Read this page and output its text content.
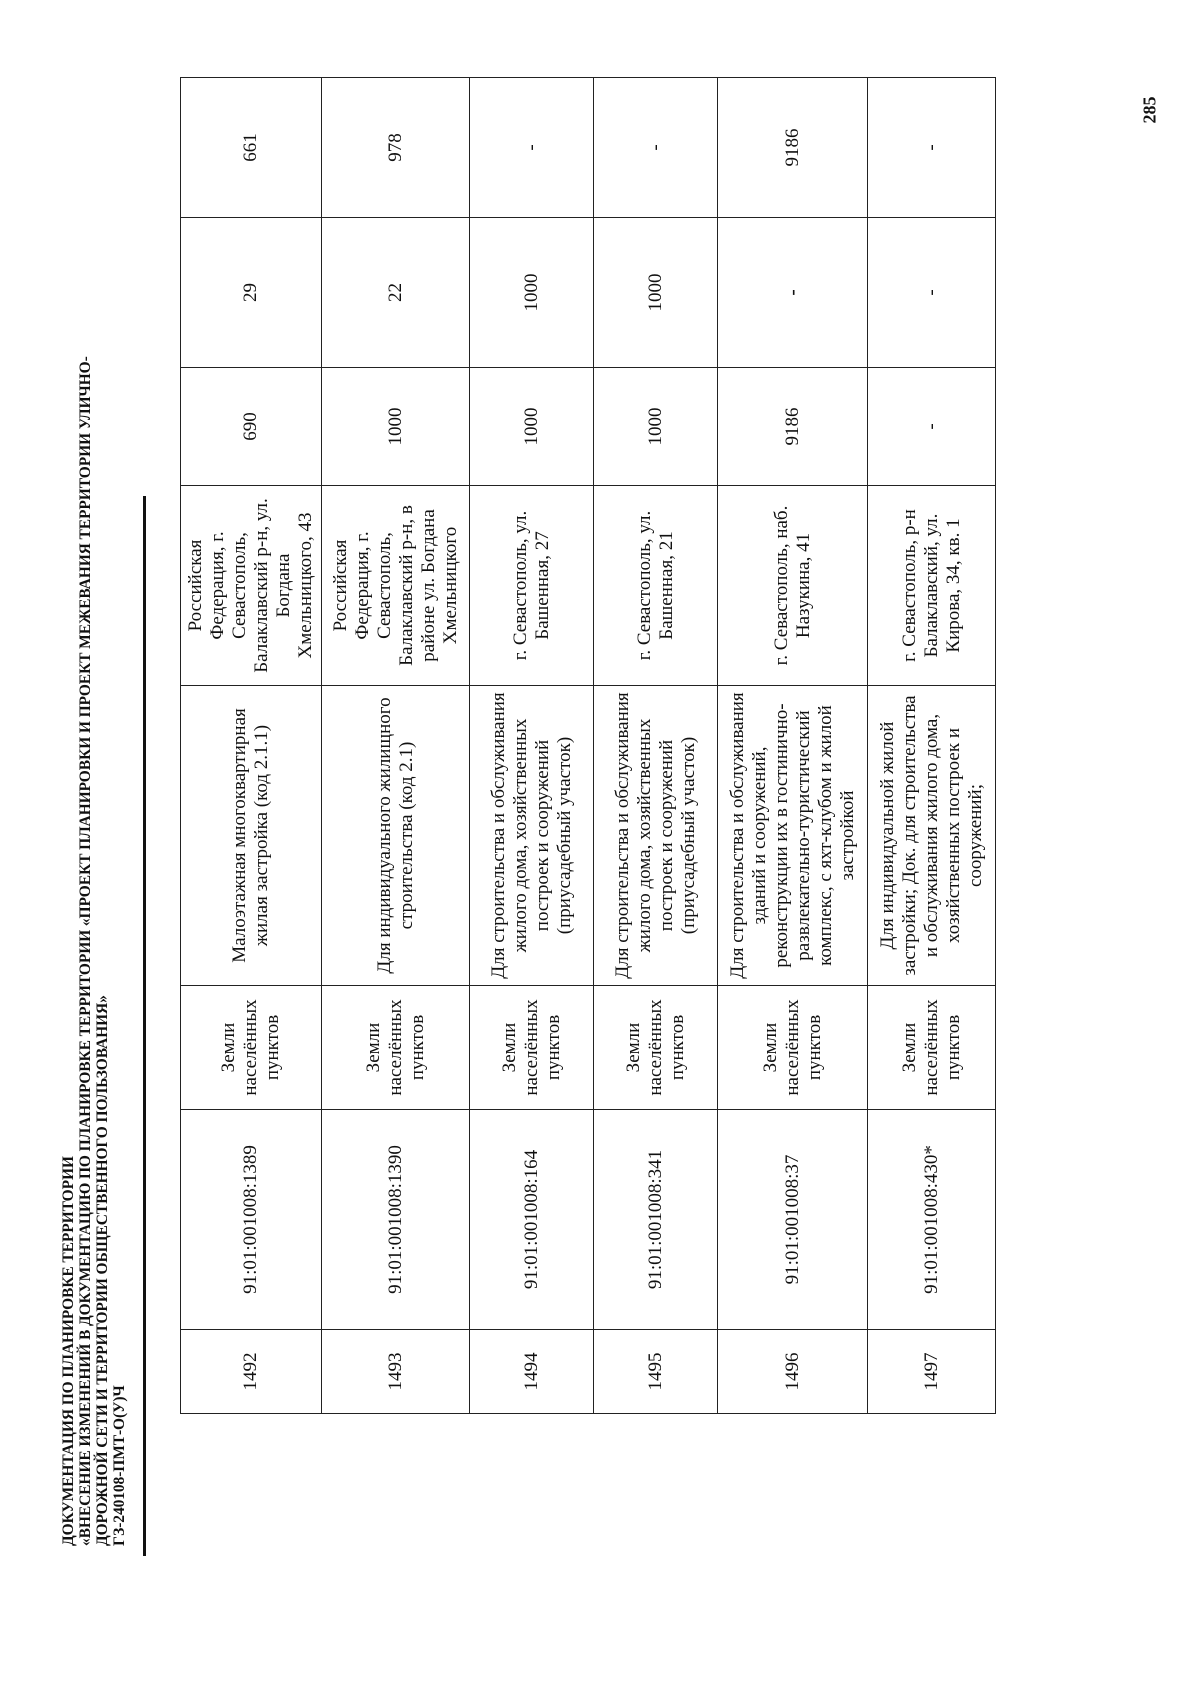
285
ДОКУМЕНТАЦИЯ ПО ПЛАНИРОВКЕ ТЕРРИТОРИИ «ВНЕСЕНИЕ ИЗМЕНЕНИЙ В ДОКУМЕНТАЦИЮ ПО ПЛАНИРОВКЕ ТЕРРИТОРИИ «ПРОЕКТ ПЛАНИРОВКИ И ПРОЕКТ МЕЖЕВАНИЯ ТЕРРИТОРИИ УЛИЧНО- ДОРОЖНОЙ СЕТИ И ТЕРРИТОРИИ ОБЩЕСТВЕННОГО ПОЛЬЗОВАНИЯ» ГЗ-240108-ПМТ-О(У)Ч
1492	91:01:001008:1389	Земли населённых пунктов	Малоэтажная многоквартирная жилая застройка (код 2.1.1)	Российская Федерация, г. Севастополь, Балаклавский р-н, ул. Богдана Хмельницкого, 43	690	29	661
1493	91:01:001008:1390	Земли населённых пунктов	Для индивидуального жилищного строительства (код 2.1)	Российская Федерация, г. Севастополь, Балаклавский р-н, в районе ул. Богдана Хмельницкого	1000	22	978
1494	91:01:001008:164	Земли населённых пунктов	Для строительства и обслуживания жилого дома, хозяйственных построек и сооружений (приусадебный участок)	г. Севастополь, ул. Башенная, 27	1000	1000	-
1495	91:01:001008:341	Земли населённых пунктов	Для строительства и обслуживания жилого дома, хозяйственных построек и сооружений (приусадебный участок)	г. Севастополь, ул. Башенная, 21	1000	1000	-
1496	91:01:001008:37	Земли населённых пунктов	Для строительства и обслуживания зданий и сооружений, реконструкции их в гостинично-развлекательно-туристический комплекс, с яхт-клубом и жилой застройкой	г. Севастополь, наб. Назукина, 41	9186	-	9186
1497	91:01:001008:430*	Земли населённых пунктов	Для индивидуальной жилой застройки; Док. для строительства и обслуживания жилого дома, хозяйственных построек и сооружений;	г. Севастополь, р-н Балаклавский, ул. Кирова, 34, кв. 1	-	-	-
